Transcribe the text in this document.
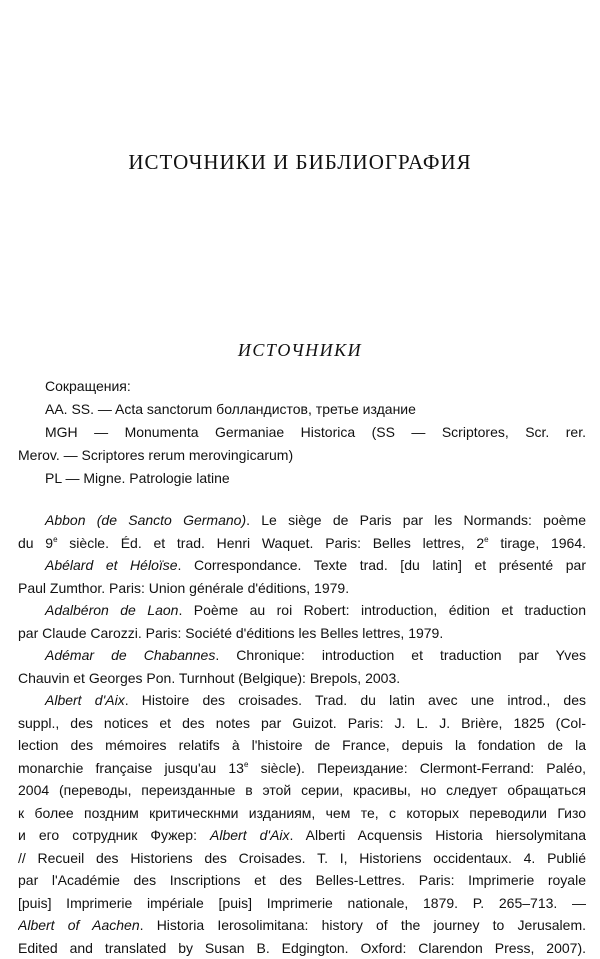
ИСТОЧНИКИ И БИБЛИОГРАФИЯ
ИСТОЧНИКИ
Сокращения:
AA. SS. — Acta sanctorum болландистов, третье издание
MGH — Monumenta Germaniae Historica (SS — Scriptores, Scr. rer.
Merov. — Scriptores rerum merovingicarum)
PL — Migne. Patrologie latine
Abbon (de Sancto Germano). Le siège de Paris par les Normands: poème
du 9e siècle. Éd. et trad. Henri Waquet. Paris: Belles lettres, 2e tirage, 1964.
Abélard et Héloïse. Correspondance. Texte trad. [du latin] et présenté par
Paul Zumthor. Paris: Union générale d'éditions, 1979.
Adalbéron de Laon. Poème au roi Robert: introduction, édition et traduction
par Claude Carozzi. Paris: Société d'éditions les Belles lettres, 1979.
Adémar de Chabannes. Chronique: introduction et traduction par Yves
Chauvin et Georges Pon. Turnhout (Belgique): Brepols, 2003.
Albert d'Aix. Histoire des croisades. Trad. du latin avec une introd., des
suppl., des notices et des notes par Guizot. Paris: J. L. J. Brière, 1825 (Col-
lection des mémoires relatifs à l'histoire de France, depuis la fondation de la
monarchie française jusqu'au 13e siècle). Переиздание: Clermont-Ferrand: Paléo,
2004 (переводы, переизданные в этой серии, красивы, но следует обращаться
к более поздним критическнми изданиям, чем те, с которых переводили Гизо
и его сотрудник Фужер: Albert d'Aix. Alberti Acquensis Historia hiersolymitana
// Recueil des Historiens des Croisades. T. I, Historiens occidentaux. 4. Publié
par l'Académie des Inscriptions et des Belles-Lettres. Paris: Imprimerie royale
[puis] Imprimerie impériale [puis] Imprimerie nationale, 1879. P. 265–713. —
Albert of Aachen. Historia Ierosolimitana: history of the journey to Jerusalem.
Edited and translated by Susan B. Edgington. Oxford: Clarendon Press, 2007).
